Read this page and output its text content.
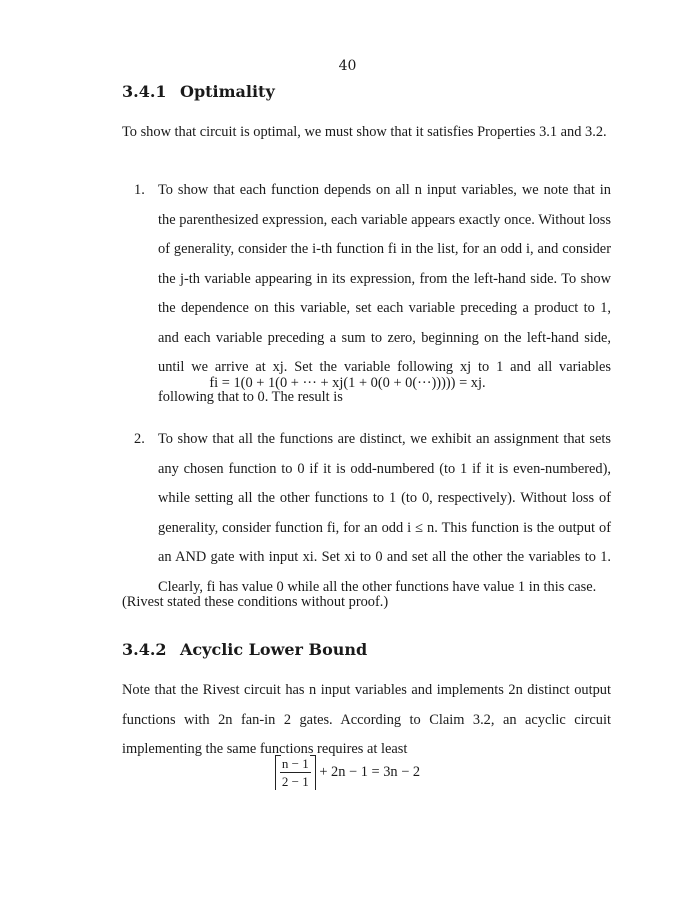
40
3.4.1 Optimality
To show that circuit is optimal, we must show that it satisfies Properties 3.1 and 3.2.
1. To show that each function depends on all n input variables, we note that in the parenthesized expression, each variable appears exactly once. Without loss of generality, consider the i-th function fi in the list, for an odd i, and consider the j-th variable appearing in its expression, from the left-hand side. To show the dependence on this variable, set each variable preceding a product to 1, and each variable preceding a sum to zero, beginning on the left-hand side, until we arrive at xj. Set the variable following xj to 1 and all variables following that to 0. The result is
fi = 1(0 + 1(0 + ··· + xj(1 + 0(0 + 0(···))))) = xj.
2. To show that all the functions are distinct, we exhibit an assignment that sets any chosen function to 0 if it is odd-numbered (to 1 if it is even-numbered), while setting all the other functions to 1 (to 0, respectively). Without loss of generality, consider function fi, for an odd i ≤ n. This function is the output of an AND gate with input xi. Set xi to 0 and set all the other the variables to 1. Clearly, fi has value 0 while all the other functions have value 1 in this case.
(Rivest stated these conditions without proof.)
3.4.2 Acyclic Lower Bound
Note that the Rivest circuit has n input variables and implements 2n distinct output functions with 2n fan-in 2 gates. According to Claim 3.2, an acyclic circuit implementing the same functions requires at least
$\frac{n - 1}{2 - 1} + 2n - 1 = 3n - 2$
